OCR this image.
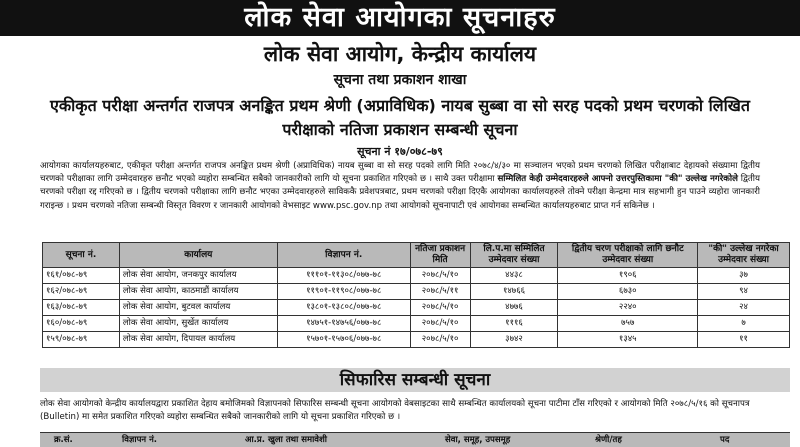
लोक सेवा आयोगका सूचनाहरु
लोक सेवा आयोग, केन्द्रीय कार्यालय
सूचना तथा प्रकाशन शाखा
एकीकृत परीक्षा अन्तर्गत राजपत्र अनङ्कित प्रथम श्रेणी (अप्राविधिक) नायब सुब्बा वा सो सरह पदको प्रथम चरणको लिखित परीक्षाको नतिजा प्रकाशन सम्बन्धी सूचना
सूचना नं १७/०७८-७९
आयोगका कार्यालयहरुबाट, एकीकृत परीक्षा अन्तर्गत राजपत्र अनङ्कित प्रथम श्रेणी (अप्राविधिक) नायब सुब्बा वा सो सरह पदको लागि मिति २०७८/४/३० मा सञ्चालन भएको प्रथम चरणको लिखित परीक्षाबाट देहायको संख्यामा द्वितीय चरणको परीक्षाका लागि उम्मेदवारहरु छनौट भएको व्यहोरा सम्बन्धित सबैको जानकारीको लागि यो सूचना प्रकाशित गरिएको छ । साथै उक्त परीक्षामा सम्मिलित केही उम्मेदवारहरुले आफ्नो उत्तरपुस्तिकामा "की" उल्लेख नगरेकोले द्वितीय चरणको परीक्षा रद्द गरिएको छ । द्वितीय चरणको परीक्षाका लागि छनौट भएका उम्मेदवारहरुले साविककै प्रवेशपत्रबाट, प्रथम चरणको परीक्षा दिएकै आयोगका कार्यालयहरुले तोक्ने परीक्षा केन्द्रमा मात्र सहभागी हुन पाउने व्यहोरा जानकारी गराइन्छ । प्रथम चरणको नतिजा सम्बन्धी विस्तृत विवरण र जानकारी आयोगको वेभसाइट www.psc.gov.np तथा आयोगको सूचनापाटी एवं आयोगका सम्बन्धित कार्यालयहरुबाट प्राप्त गर्न सकिनेछ ।
सूचना नं.	कार्यालय	विज्ञापन नं.	नतिजा प्रकाशन मिति	लि.प.मा सम्मिलित उम्मेदवार संख्या	द्वितीय चरण परीक्षाको लागि छनौट उम्मेदवार संख्या	"की" उल्लेख नगरेका उम्मेदवार संख्या
१६१/०७८-७९	लोक सेवा आयोग, जनकपुर कार्यालय	१११०१-११३०८/०७७-७८	२०७८/५/१०	४४३८	१९०६	३७
१६२/०७८-७९	लोक सेवा आयोग, काठमाडौं कार्यालय	११९०१-११९०८/०७७-७८	२०७८/५/११	१४७६६	६७३०	९४
१६३/०७८-७९	लोक सेवा आयोग, बुटवल कार्यालय	१३८०१-१३८०८/०७७-७८	२०७८/५/१०	४७७६	२२४०	२४
१६०/०७८-७९	लोक सेवा आयोग, सुर्खेत कार्यालय	१४७५१-१४७५६/०७७-७८	२०७८/५/१०	१११६	७५७	७
१५९/०७८-७९	लोक सेवा आयोग, दिपायल कार्यालय	१५७०१-१५७०६/०७७-७८	२०७८/५/१०	३७४२	१३४५	११
सिफारिस सम्बन्धी सूचना
लोक सेवा आयोगको केन्द्रीय कार्यालयद्वारा प्रकाशित देहाय बमोजिमको विज्ञापनको सिफारिस सम्बन्धी सूचना आयोगको वेबसाइटका साथै सम्बन्धित कार्यालयको सूचना पाटीमा टाँस गरिएको र आयोगको मिति २०७८/५/१६ को सूचनापत्र (Bulletin) मा समेत प्रकाशित गरिएको व्यहोरा सम्बन्धित सबैको जानकारीको लागि यो सूचना प्रकाशित गरिएको छ ।
क्र.सं.	विज्ञापन नं.	आ.प्र. खुला तथा समावेशी	सेवा, समूह, उपसमूह	श्रेणी/तह	पद
